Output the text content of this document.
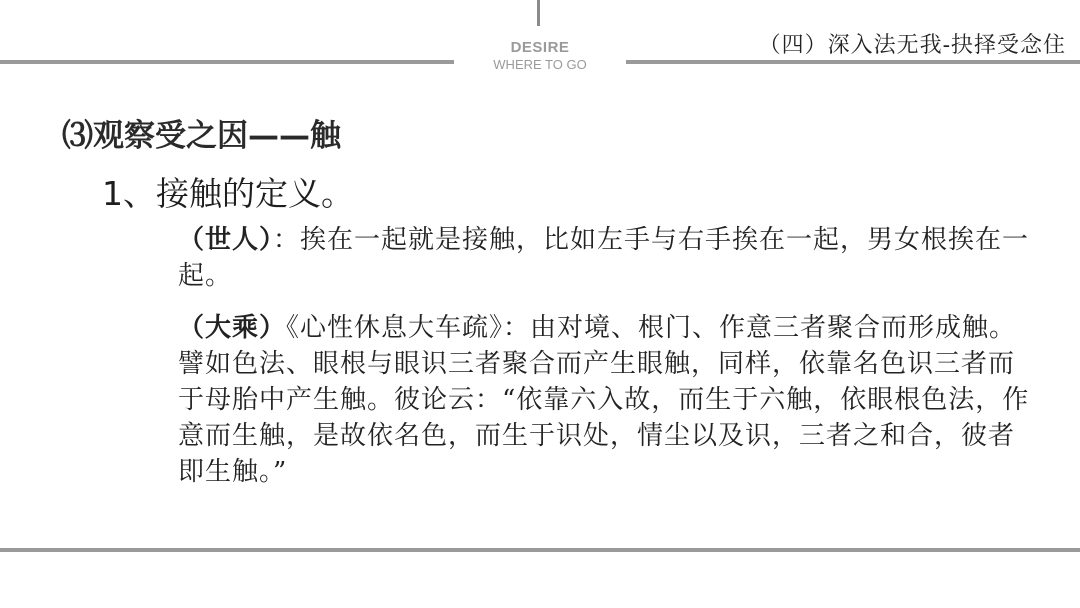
DESIRE
WHERE TO GO
（四）深入法无我-抉择受念住
⑶观察受之因——触
1、接触的定义。
（世人）：挨在一起就是接触，比如左手与右手挨在一起，男女根挨在一起。
（大乘）《心性休息大车疏》：由对境、根门、作意三者聚合而形成触。譬如色法、眼根与眼识三者聚合而产生眼触，同样，依靠名色识三者而于母胎中产生触。彼论云：“依靠六入故，而生于六触，依眼根色法，作意而生触，是故依名色，而生于识处，情尘以及识，三者之和合，彼者即生触。”
